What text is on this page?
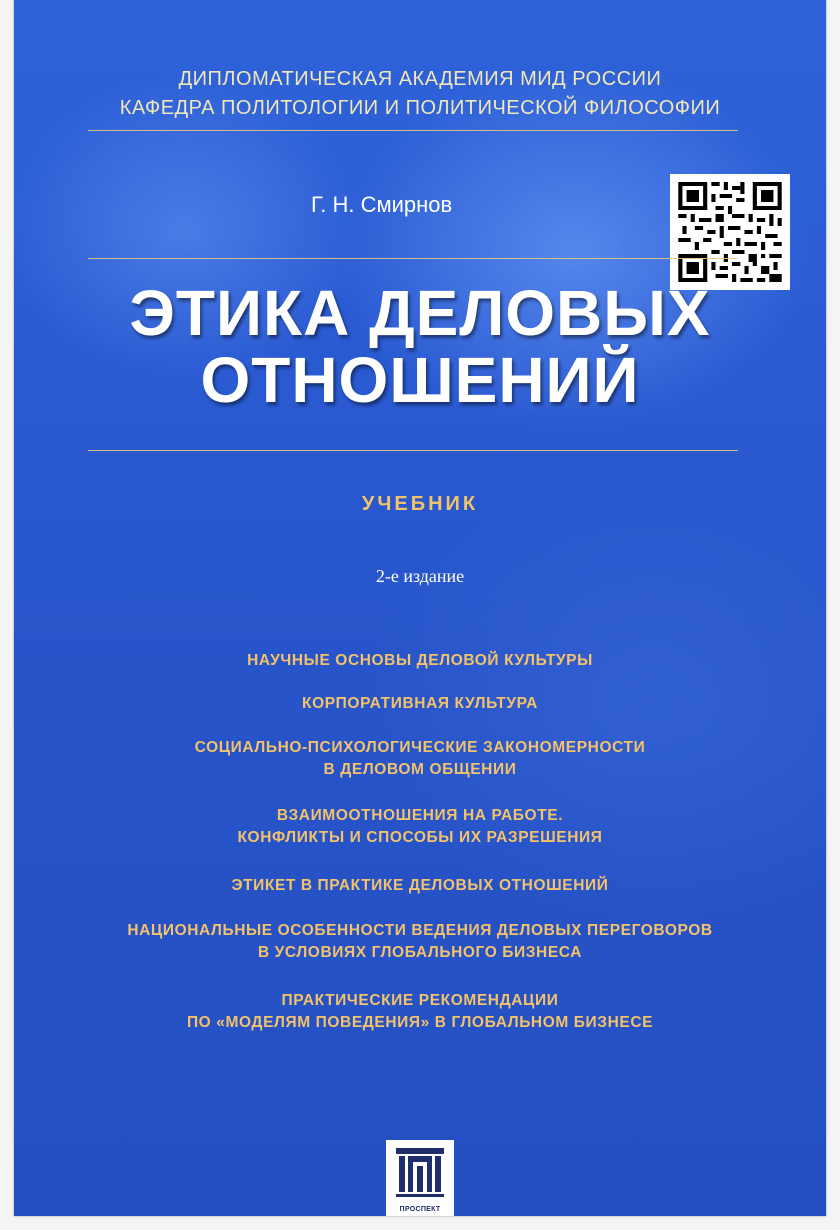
ДИПЛОМАТИЧЕСКАЯ АКАДЕМИЯ МИД РОССИИ
КАФЕДРА ПОЛИТОЛОГИИ И ПОЛИТИЧЕСКОЙ ФИЛОСОФИИ
Г. Н. Смирнов
ЭТИКА ДЕЛОВЫХ
ОТНОШЕНИЙ
УЧЕБНИК
2-е издание
НАУЧНЫЕ ОСНОВЫ ДЕЛОВОЙ КУЛЬТУРЫ
КОРПОРАТИВНАЯ КУЛЬТУРА
СОЦИАЛЬНО-ПСИХОЛОГИЧЕСКИЕ ЗАКОНОМЕРНОСТИ
В ДЕЛОВОМ ОБЩЕНИИ
ВЗАИМООТНОШЕНИЯ НА РАБОТЕ.
КОНФЛИКТЫ И СПОСОБЫ ИХ РАЗРЕШЕНИЯ
ЭТИКЕТ В ПРАКТИКЕ ДЕЛОВЫХ ОТНОШЕНИЙ
НАЦИОНАЛЬНЫЕ ОСОБЕННОСТИ ВЕДЕНИЯ ДЕЛОВЫХ ПЕРЕГОВОРОВ
В УСЛОВИЯХ ГЛОБАЛЬНОГО БИЗНЕСА
ПРАКТИЧЕСКИЕ РЕКОМЕНДАЦИИ
ПО «МОДЕЛЯМ ПОВЕДЕНИЯ» В ГЛОБАЛЬНОМ БИЗНЕСЕ
ПРОСПЕКТ
